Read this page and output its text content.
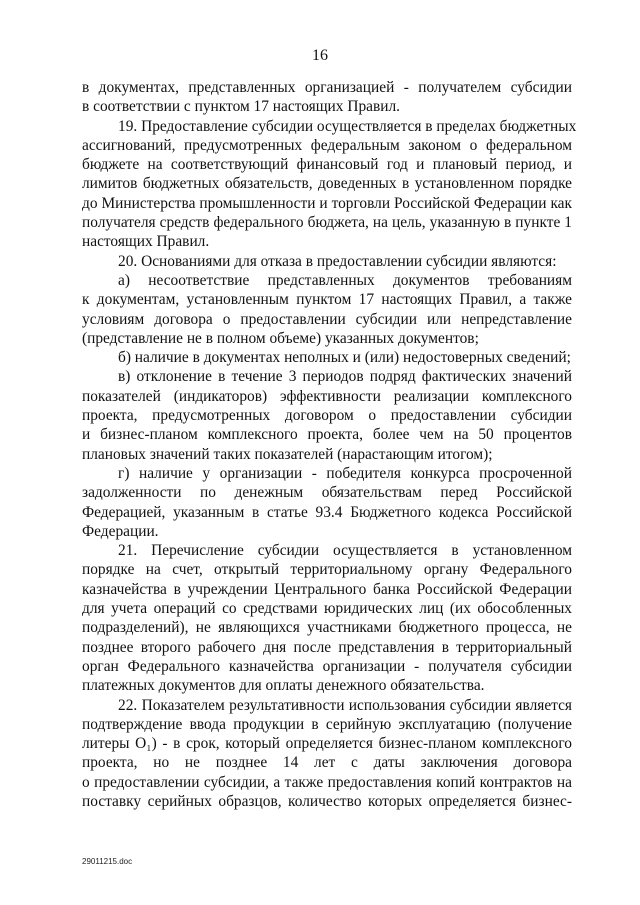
16
в документах, представленных организацией - получателем субсидии
в соответствии с пунктом 17 настоящих Правил.
19. Предоставление субсидии осуществляется в пределах бюджетных
ассигнований, предусмотренных федеральным законом о федеральном
бюджете на соответствующий финансовый год и плановый период, и
лимитов бюджетных обязательств, доведенных в установленном порядке
до Министерства промышленности и торговли Российской Федерации как
получателя средств федерального бюджета, на цель, указанную в пункте 1
настоящих Правил.
20. Основаниями для отказа в предоставлении субсидии являются:
а) несоответствие представленных документов требованиям
к документам, установленным пунктом 17 настоящих Правил, а также
условиям договора о предоставлении субсидии или непредставление
(представление не в полном объеме) указанных документов;
б) наличие в документах неполных и (или) недостоверных сведений;
в) отклонение в течение 3 периодов подряд фактических значений
показателей (индикаторов) эффективности реализации комплексного
проекта, предусмотренных договором о предоставлении субсидии
и бизнес-планом комплексного проекта, более чем на 50 процентов
плановых значений таких показателей (нарастающим итогом);
г) наличие у организации - победителя конкурса просроченной
задолженности по денежным обязательствам перед Российской
Федерацией, указанным в статье 93.4 Бюджетного кодекса Российской
Федерации.
21. Перечисление субсидии осуществляется в установленном
порядке на счет, открытый территориальному органу Федерального
казначейства в учреждении Центрального банка Российской Федерации
для учета операций со средствами юридических лиц (их обособленных
подразделений), не являющихся участниками бюджетного процесса, не
позднее второго рабочего дня после представления в территориальный
орган Федерального казначейства организации - получателя субсидии
платежных документов для оплаты денежного обязательства.
22. Показателем результативности использования субсидии является
подтверждение ввода продукции в серийную эксплуатацию (получение
литеры О₁) - в срок, который определяется бизнес-планом комплексного
проекта, но не позднее 14 лет с даты заключения договора
о предоставлении субсидии, а также предоставления копий контрактов на
поставку серийных образцов, количество которых определяется бизнес-
29011215.doc
